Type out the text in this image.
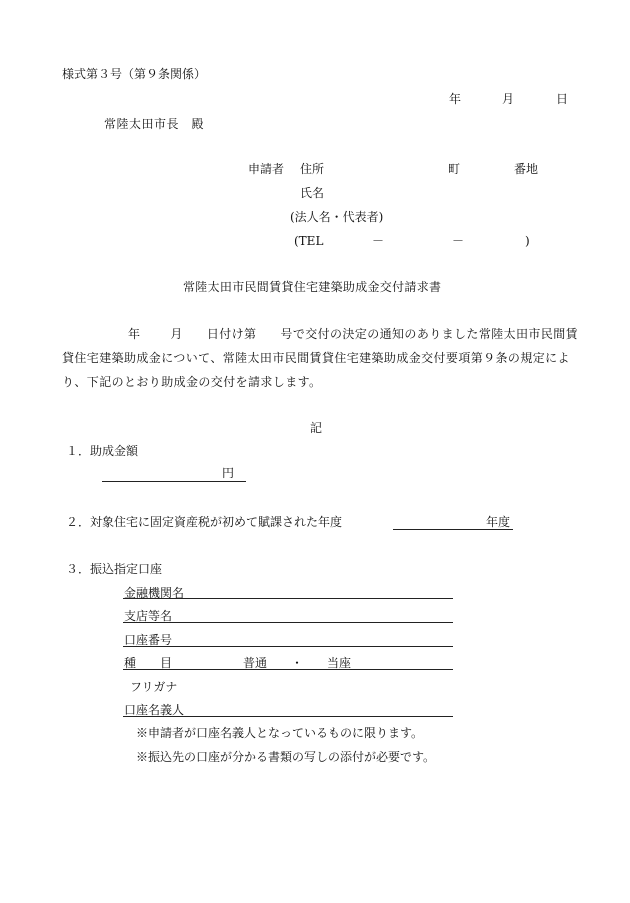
様式第３号（第９条関係）
年	月	日
常陸太田市長　殿
申請者 住所	町	番地
氏名
(法人名・代表者)
(TEL	－	－	)
常陸太田市民間賃貸住宅建築助成金交付請求書
年	月 日付け第 号で交付の決定の通知のありました常陸太田市民間賃貸住宅建築助成金について、常陸太田市民間賃貸住宅建築助成金交付要項第９条の規定により、下記のとおり助成金の交付を請求します。
記
１．助成金額
円
２．対象住宅に固定資産税が初めて賦課された年度	年度
３．振込指定口座
金融機関名
支店等名
口座番号
種　　目	普通　　・　　当座
フリガナ
口座名義人
※申請者が口座名義人となっているものに限ります。
※振込先の口座が分かる書類の写しの添付が必要です。
